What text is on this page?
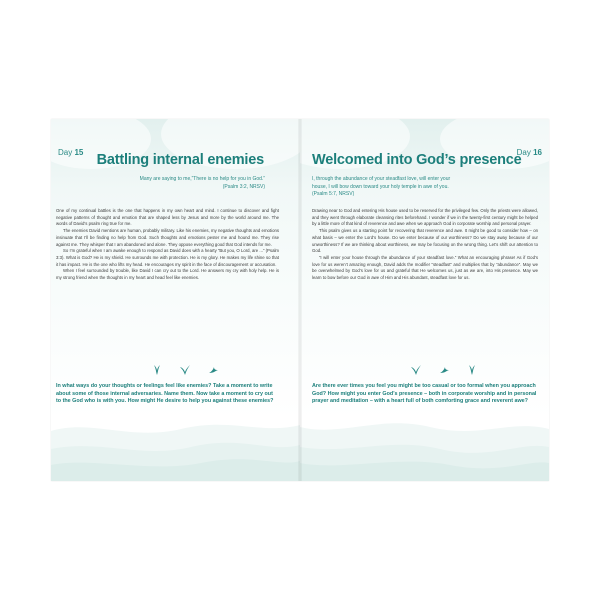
Day 15 Battling internal enemies
Many are saying to me,“There is no help for you in God.” (Psalm 3:2, NRSV)

One of my continual battles is the one that happens in my own heart and mind. I continue to discover and fight negative patterns of thought and emotion that are shaped less by Jesus and more by the world around me. The words of David’s psalm ring true for me.

The enemies David mentions are human, probably military. Like his enemies, my negative thoughts and emotions insinuate that I’ll be finding no help from God. Such thoughts and emotions pester me and hound me. They rise against me. They whisper that I am abandoned and alone. They oppose everything good that God intends for me.

So I’m grateful when I am awake enough to respond as David does with a hearty “But you, O Lord, are ...” (Psalm 3:3). What is God? He is my shield. He surrounds me with protection. He is my glory. He makes my life shine so that it has impact. He is the one who lifts my head. He encourages my spirit in the face of discouragement or accusation.

When I feel surrounded by trouble, like David I can cry out to the Lord. He answers my cry with holy help. He is my strong friend when the thoughts in my heart and head feel like enemies.

In what ways do your thoughts or feelings feel like enemies? Take a moment to write about some of those internal adversaries. Name them. Now take a moment to cry out to the God who is with you. How might He desire to help you against these enemies?
Day 16
Welcomed into God’s presence
I, through the abundance of your steadfast love, will enter your house, I will bow down toward your holy temple in awe of you. (Psalm 5:7, NRSV)

Drawing near to God and entering His house used to be reserved for the privileged few. Only the priests were allowed, and they went through elaborate cleansing rites beforehand. I wonder if we in the twenty-first century might be helped by a little more of that kind of reverence and awe when we approach God in corporate worship and personal prayer.

This psalm gives us a starting point for recovering that reverence and awe. It might be good to consider how – on what basis – we enter the Lord’s house. Do we enter because of our worthiness? Do we stay away because of our unworthiness? If we are thinking about worthiness, we may be focusing on the wrong thing. Let’s shift our attention to God.

“I will enter your house through the abundance of your steadfast love.” What an encouraging phrase! As if God’s love for us weren’t amazing enough, David adds the modifier “steadfast” and multiplies that by “abundance”. May we be overwhelmed by God’s love for us and grateful that He welcomes us, just as we are, into His presence. May we learn to bow before our God in awe of Him and His abundant, steadfast love for us.

Are there ever times you feel you might be too casual or too formal when you approach God? How might you enter God’s presence – both in corporate worship and in personal prayer and meditation – with a heart full of both comforting grace and reverent awe?
